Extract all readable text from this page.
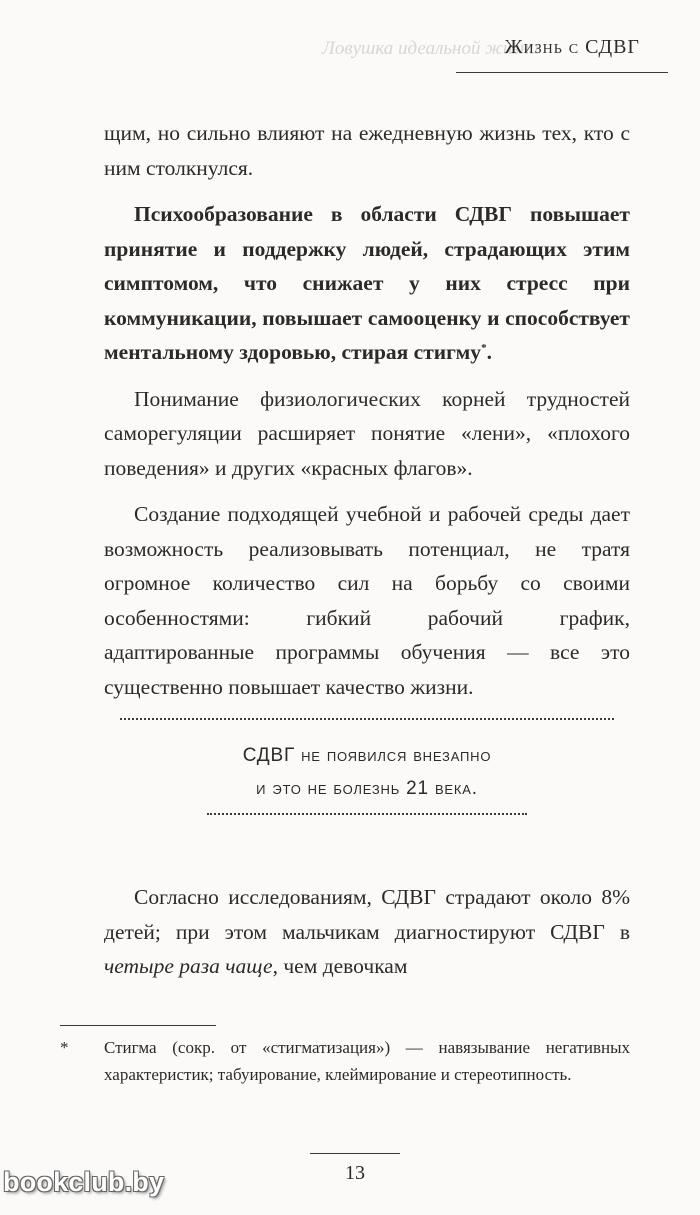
Ловушка идеальной жизни
Жизнь с СДВГ

щим, но сильно влияют на ежедневную жизнь тех, кто с ним столкнулся.

Психообразование в области СДВГ повышает принятие и поддержку людей, страдающих этим симптомом, что снижает у них стресс при коммуникации, повышает самооценку и способствует ментальному здоровью, стирая стигму*.

Понимание физиологических корней трудностей саморегуляции расширяет понятие «лени», «плохого поведения» и других «красных флагов».

Создание подходящей учебной и рабочей среды дает возможность реализовывать потенциал, не тратя огромное количество сил на борьбу со своими особенностями: гибкий рабочий график, адаптированные программы обучения — все это существенно повышает качество жизни.

СДВГ не появился внезапно
и это не болезнь 21 века.

Согласно исследованиям, СДВГ страдают около 8% детей; при этом мальчикам диагностируют СДВГ в четыре раза чаще, чем девочкам

* Стигма (сокр. от «стигматизация») — навязывание негативных характеристик; табуирование, клеймирование и стереотипность.

13
bookclub.by
